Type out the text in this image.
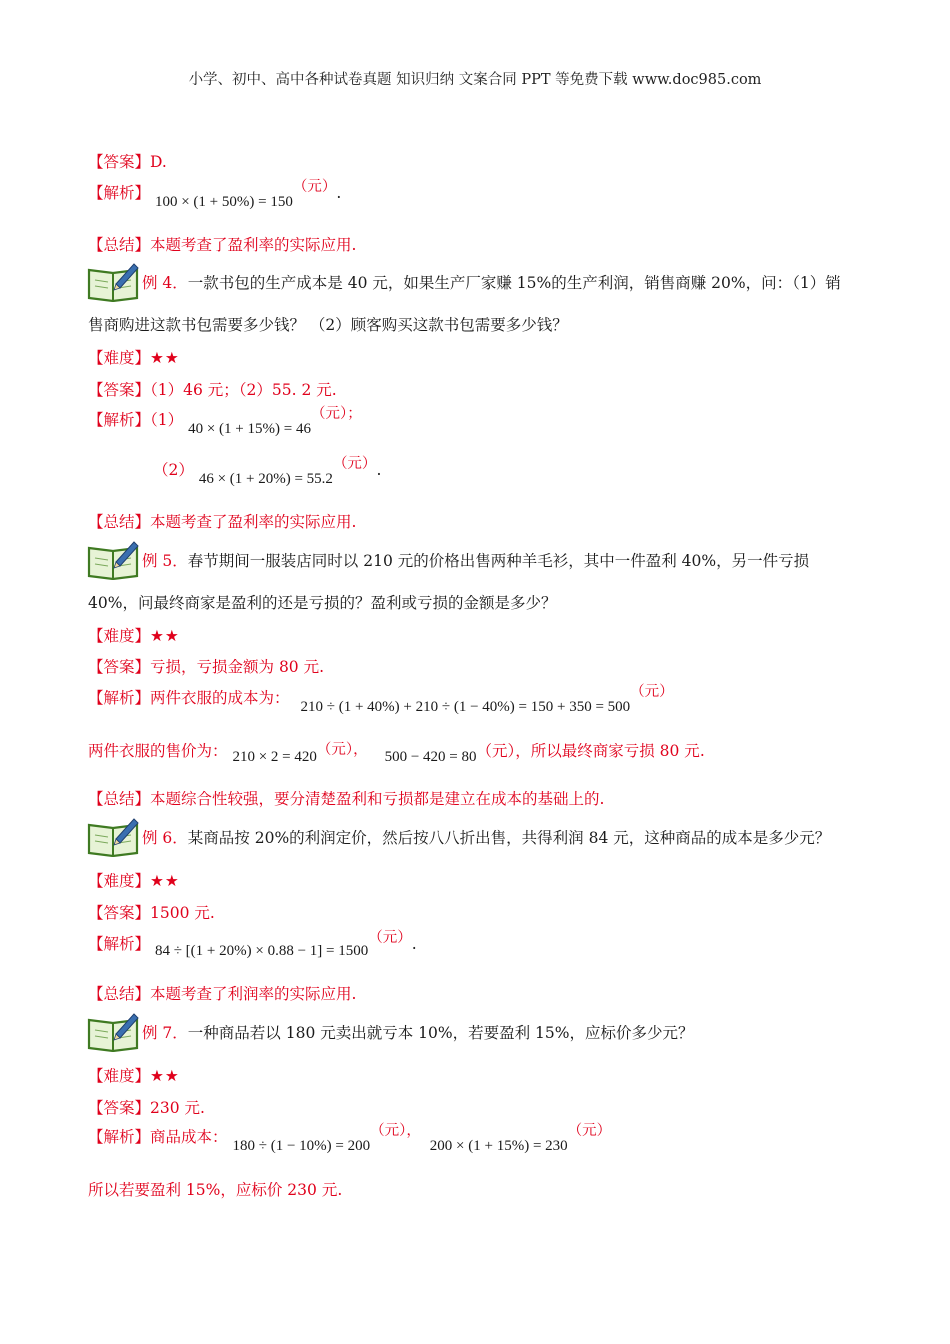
小学、初中、高中各种试卷真题 知识归纳 文案合同 PPT 等免费下载 www.doc985.com
【答案】D.
【解析】 100 × (1 + 50%) = 150（元）.
【总结】本题考查了盈利率的实际应用.
例 4．一款书包的生产成本是 40 元，如果生产厂家赚 15%的生产利润，销售商赚 20%，问：（1）销
售商购进这款书包需要多少钱？ （2）顾客购买这款书包需要多少钱？
【难度】★★
【答案】（1）46 元；（2）55. 2 元.
【解析】（1） 40 × (1 + 15%) = 46（元）；
（2） 46 × (1 + 20%) = 55.2（元）.
【总结】本题考查了盈利率的实际应用.
例 5．春节期间一服装店同时以 210 元的价格出售两种羊毛衫，其中一件盈利 40%，另一件亏损
40%，问最终商家是盈利的还是亏损的？盈利或亏损的金额是多少？
【难度】★★
【答案】亏损，亏损金额为 80 元.
【解析】两件衣服的成本为： 210 ÷ (1 + 40%) + 210 ÷ (1 − 40%) = 150 + 350 = 500（元）
两件衣服的售价为： 210 × 2 = 420（元）， 500 − 420 = 80（元），所以最终商家亏损 80 元.
【总结】本题综合性较强，要分清楚盈利和亏损都是建立在成本的基础上的.
例 6．某商品按 20%的利润定价，然后按八八折出售，共得利润 84 元，这种商品的成本是多少元？
【难度】★★
【答案】1500 元.
【解析】 84 ÷ [(1 + 20%) × 0.88 − 1] = 1500（元）.
【总结】本题考查了利润率的实际应用.
例 7．一种商品若以 180 元卖出就亏本 10%，若要盈利 15%，应标价多少元？
【难度】★★
【答案】230 元.
【解析】商品成本： 180 ÷ (1 − 10%) = 200（元）， 200 × (1 + 15%) = 230（元）
所以若要盈利 15%，应标价 230 元.
